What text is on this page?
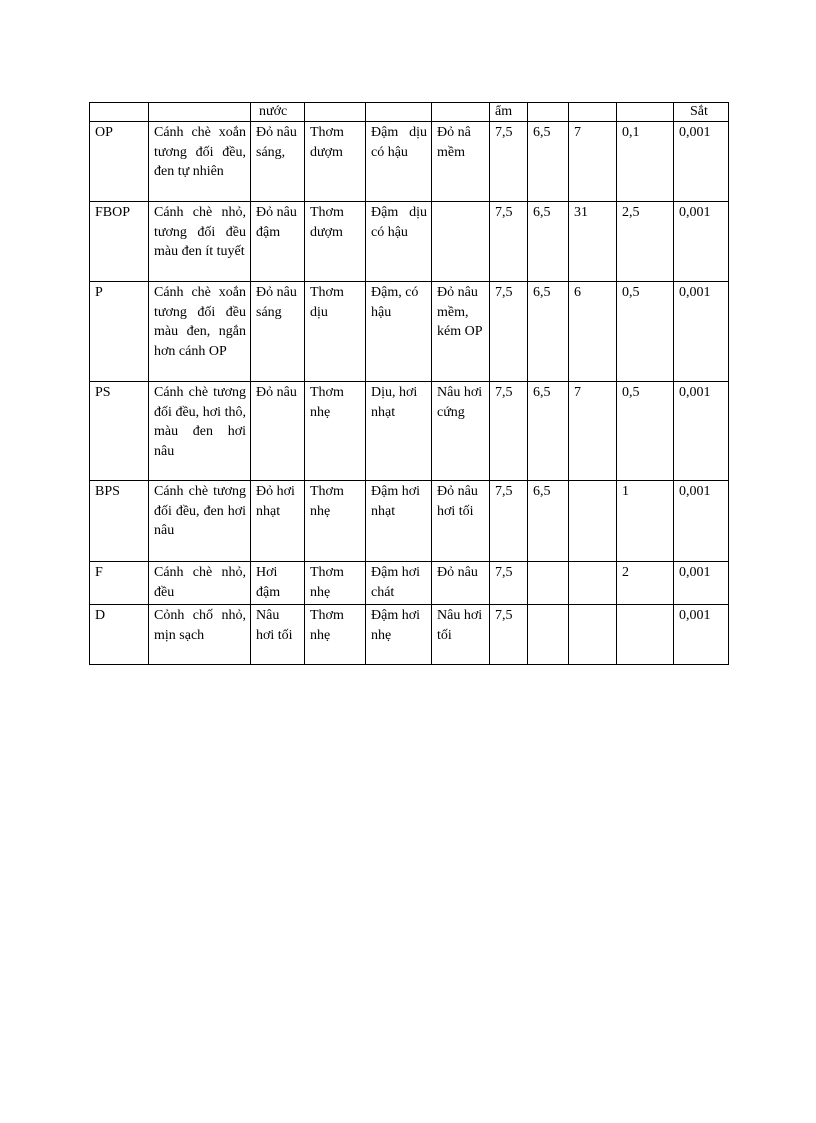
		nước				ẩm				Sắt
OP	Cánh chè xoắn tương đối đều, đen tự nhiên	Đỏ nâu sáng,	Thơm dượm	Đậm dịu có hậu	Đỏ nâ mềm	7,5	6,5	7	0,1	0,001
FBOP	Cánh chè nhỏ, tương đối đều màu đen ít tuyết	Đỏ nâu đậm	Thơm dượm	Đậm dịu có hậu		7,5	6,5	31	2,5	0,001
P	Cánh chè xoắn tương đối đều màu đen, ngắn hơn cánh OP	Đỏ nâu sáng	Thơm dịu	Đậm, có hậu	Đỏ nâu mềm, kém OP	7,5	6,5	6	0,5	0,001
PS	Cánh chè tương đối đều, hơi thô, màu đen hơi nâu	Đỏ nâu	Thơm nhẹ	Dịu, hơi nhạt	Nâu hơi cứng	7,5	6,5	7	0,5	0,001
BPS	Cánh chè tương đối đều, đen hơi nâu	Đỏ hơi nhạt	Thơm nhẹ	Đậm hơi nhạt	Đỏ nâu hơi tối	7,5	6,5		1	0,001
F	Cánh chè nhỏ, đều	Hơi đậm	Thơm nhẹ	Đậm hơi chát	Đỏ nâu	7,5			2	0,001
D	Cỏnh chố nhỏ, mịn sạch	Nâu hơi tối	Thơm nhẹ	Đậm hơi nhẹ	Nâu hơi tối	7,5				0,001
